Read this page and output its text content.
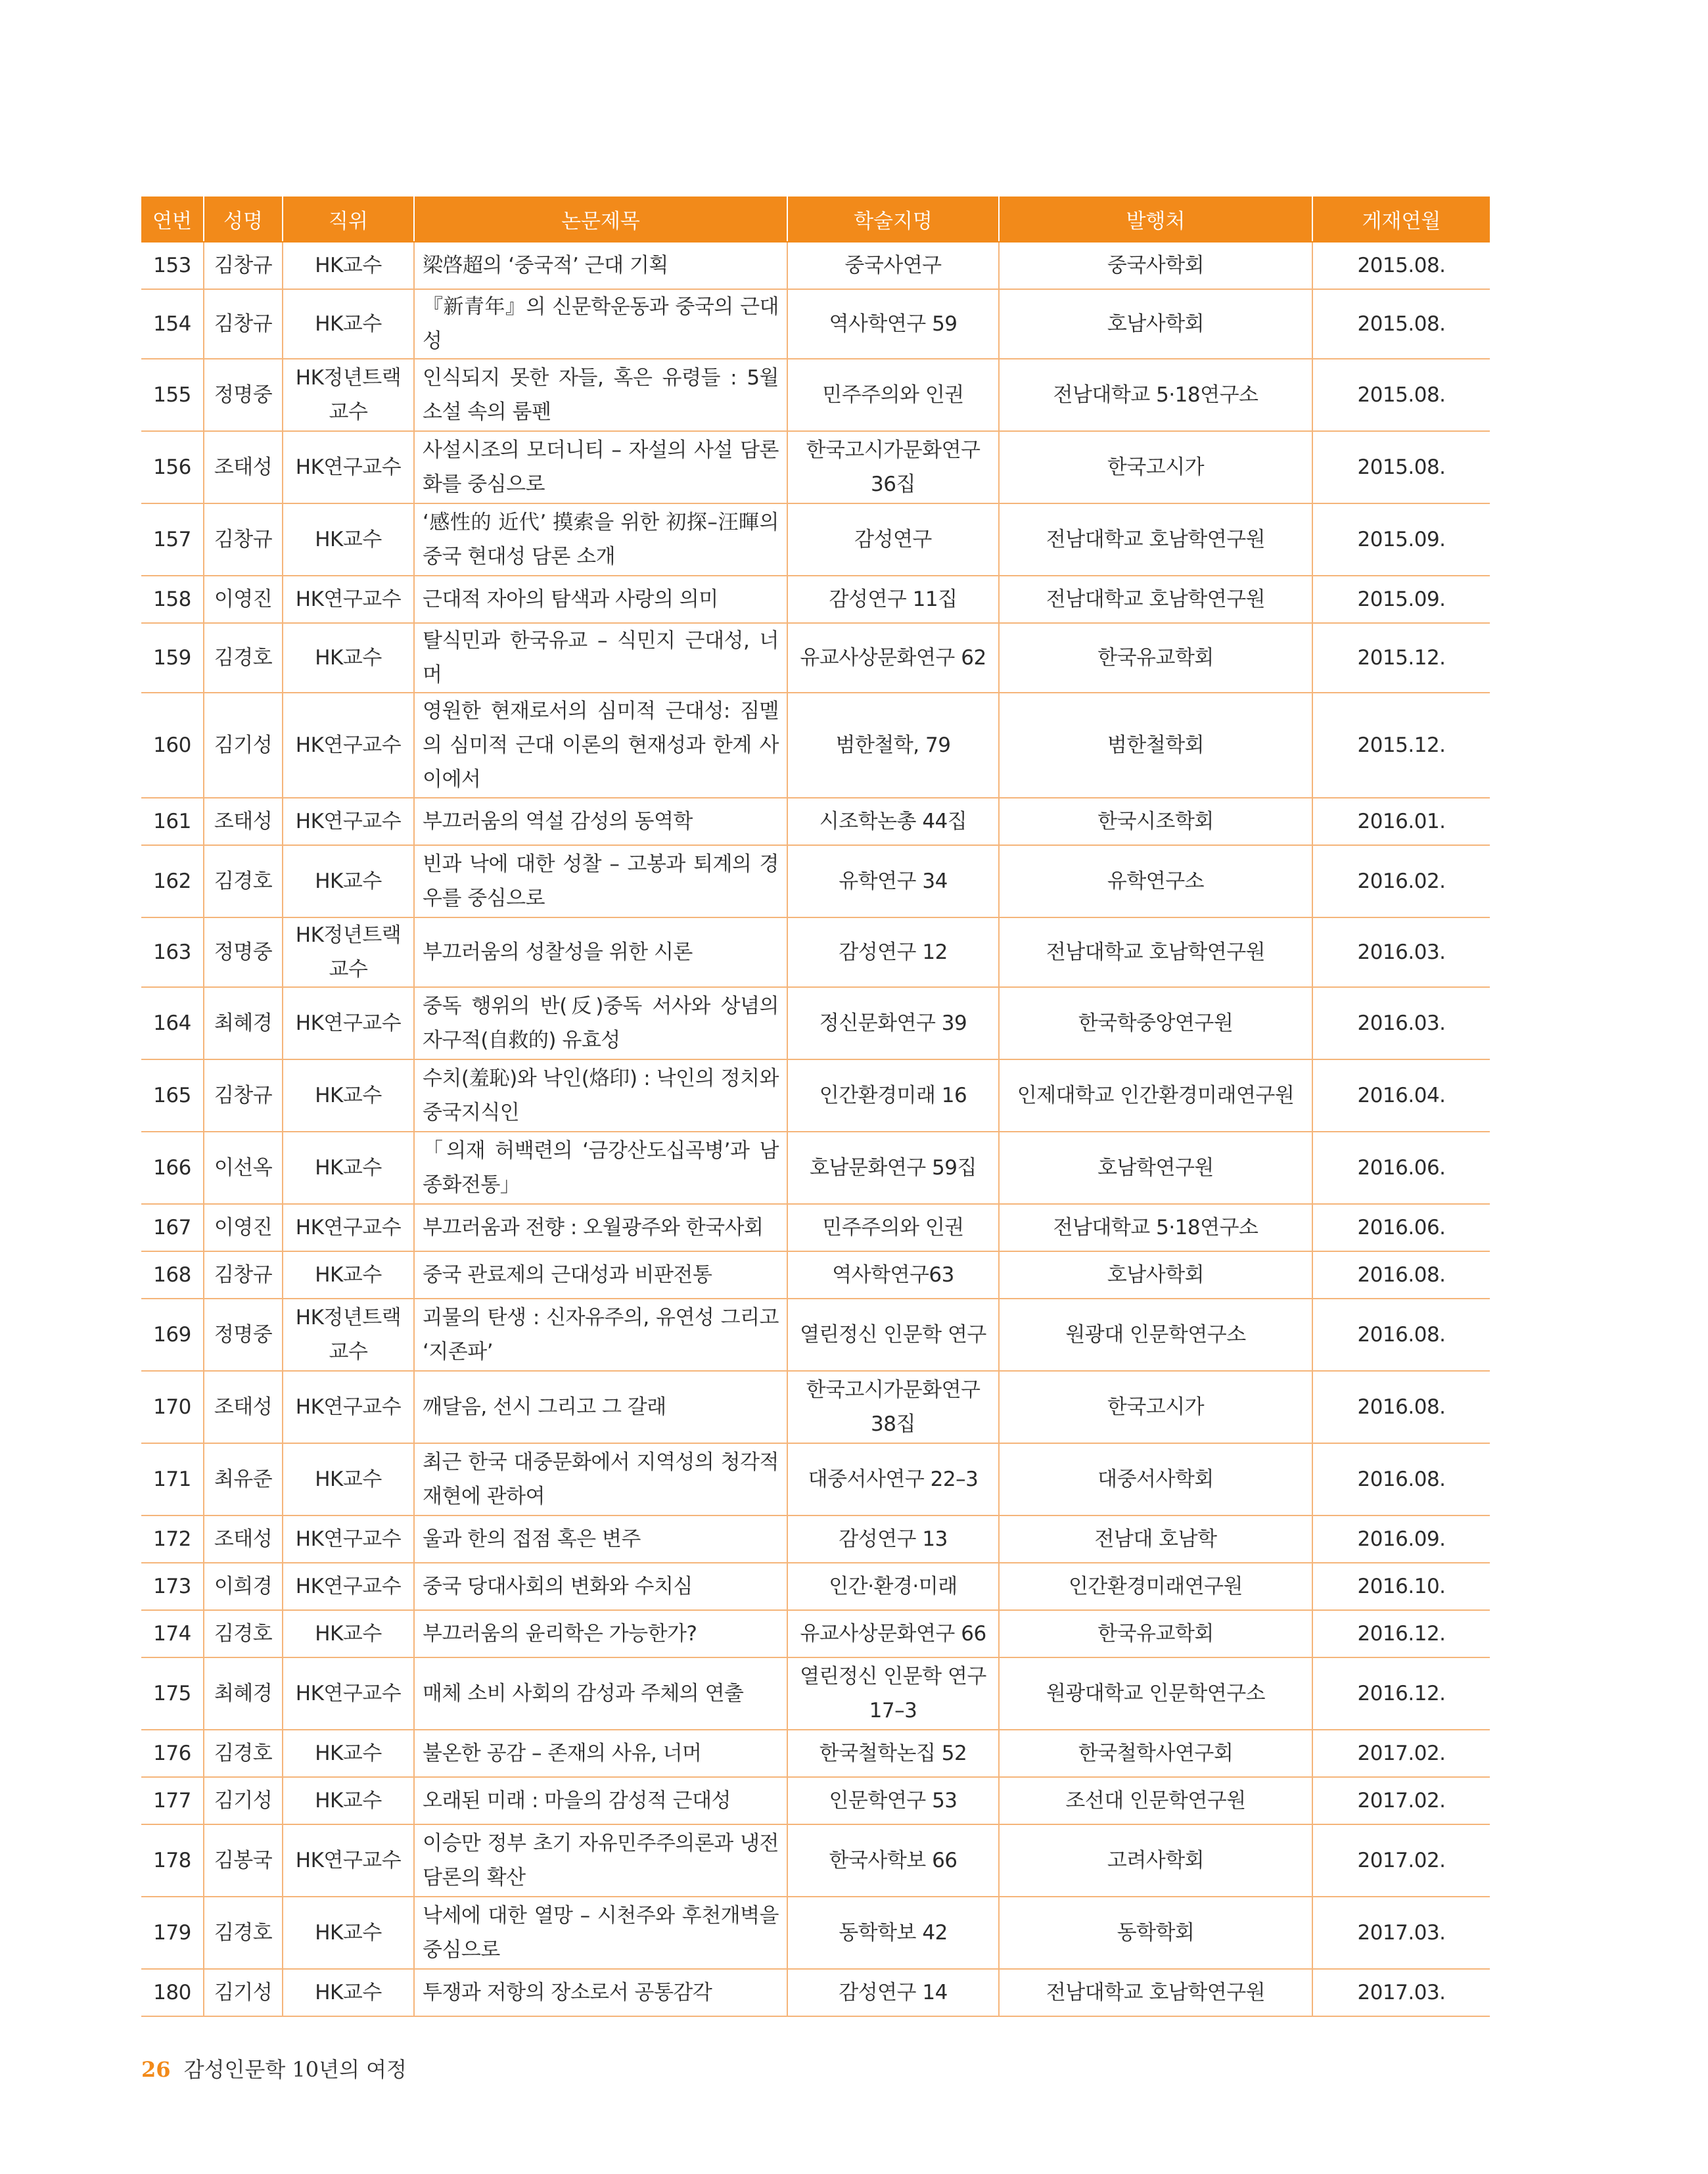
연번	성명	직위	논문제목	학술지명	발행처	게재연월
153	김창규	HK교수	梁啓超의 ‘중국적’ 근대 기획	중국사연구	중국사학회	2015.08.
154	김창규	HK교수	『新青年』의 신문학운동과 중국의 근대성	역사학연구 59	호남사학회	2015.08.
155	정명중	HK정년트랙교수	인식되지 못한 자들, 혹은 유령들 : 5월 소설 속의 룸펜	민주주의와 인권	전남대학교 5·18연구소	2015.08.
156	조태성	HK연구교수	사설시조의 모더니티 – 자설의 사설 담론화를 중심으로	한국고시가문화연구 36집	한국고시가	2015.08.
157	김창규	HK교수	‘感性的 近代’ 摸索을 위한 初探–汪暉의 중국 현대성 담론 소개	감성연구	전남대학교 호남학연구원	2015.09.
158	이영진	HK연구교수	근대적 자아의 탐색과 사랑의 의미	감성연구 11집	전남대학교 호남학연구원	2015.09.
159	김경호	HK교수	탈식민과 한국유교 – 식민지 근대성, 너머	유교사상문화연구 62	한국유교학회	2015.12.
160	김기성	HK연구교수	영원한 현재로서의 심미적 근대성: 짐멜의 심미적 근대 이론의 현재성과 한계 사이에서	범한철학, 79	범한철학회	2015.12.
161	조태성	HK연구교수	부끄러움의 역설 감성의 동역학	시조학논총 44집	한국시조학회	2016.01.
162	김경호	HK교수	빈과 낙에 대한 성찰 – 고봉과 퇴계의 경우를 중심으로	유학연구 34	유학연구소	2016.02.
163	정명중	HK정년트랙교수	부끄러움의 성찰성을 위한 시론	감성연구 12	전남대학교 호남학연구원	2016.03.
164	최혜경	HK연구교수	중독 행위의 반(反)중독 서사와 상념의 자구적(自救的) 유효성	정신문화연구 39	한국학중앙연구원	2016.03.
165	김창규	HK교수	수치(羞恥)와 낙인(烙印) : 낙인의 정치와 중국지식인	인간환경미래 16	인제대학교 인간환경미래연구원	2016.04.
166	이선옥	HK교수	「의재 허백련의 ‘금강산도십곡병’과 남종화전통」	호남문화연구 59집	호남학연구원	2016.06.
167	이영진	HK연구교수	부끄러움과 전향 : 오월광주와 한국사회	민주주의와 인권	전남대학교 5·18연구소	2016.06.
168	김창규	HK교수	중국 관료제의 근대성과 비판전통	역사학연구63	호남사학회	2016.08.
169	정명중	HK정년트랙교수	괴물의 탄생 : 신자유주의, 유연성 그리고 ‘지존파’	열린정신 인문학 연구	원광대 인문학연구소	2016.08.
170	조태성	HK연구교수	깨달음, 선시 그리고 그 갈래	한국고시가문화연구 38집	한국고시가	2016.08.
171	최유준	HK교수	최근 한국 대중문화에서 지역성의 청각적 재현에 관하여	대중서사연구 22–3	대중서사학회	2016.08.
172	조태성	HK연구교수	울과 한의 접점 혹은 변주	감성연구 13	전남대 호남학	2016.09.
173	이희경	HK연구교수	중국 당대사회의 변화와 수치심	인간·환경·미래	인간환경미래연구원	2016.10.
174	김경호	HK교수	부끄러움의 윤리학은 가능한가?	유교사상문화연구 66	한국유교학회	2016.12.
175	최혜경	HK연구교수	매체 소비 사회의 감성과 주체의 연출	열린정신 인문학 연구 17–3	원광대학교 인문학연구소	2016.12.
176	김경호	HK교수	불온한 공감 – 존재의 사유, 너머	한국철학논집 52	한국철학사연구회	2017.02.
177	김기성	HK교수	오래된 미래 : 마을의 감성적 근대성	인문학연구 53	조선대 인문학연구원	2017.02.
178	김봉국	HK연구교수	이승만 정부 초기 자유민주주의론과 냉전담론의 확산	한국사학보 66	고려사학회	2017.02.
179	김경호	HK교수	낙세에 대한 열망 – 시천주와 후천개벽을 중심으로	동학학보 42	동학학회	2017.03.
180	김기성	HK교수	투쟁과 저항의 장소로서 공통감각	감성연구 14	전남대학교 호남학연구원	2017.03.
26 감성인문학 10년의 여정
